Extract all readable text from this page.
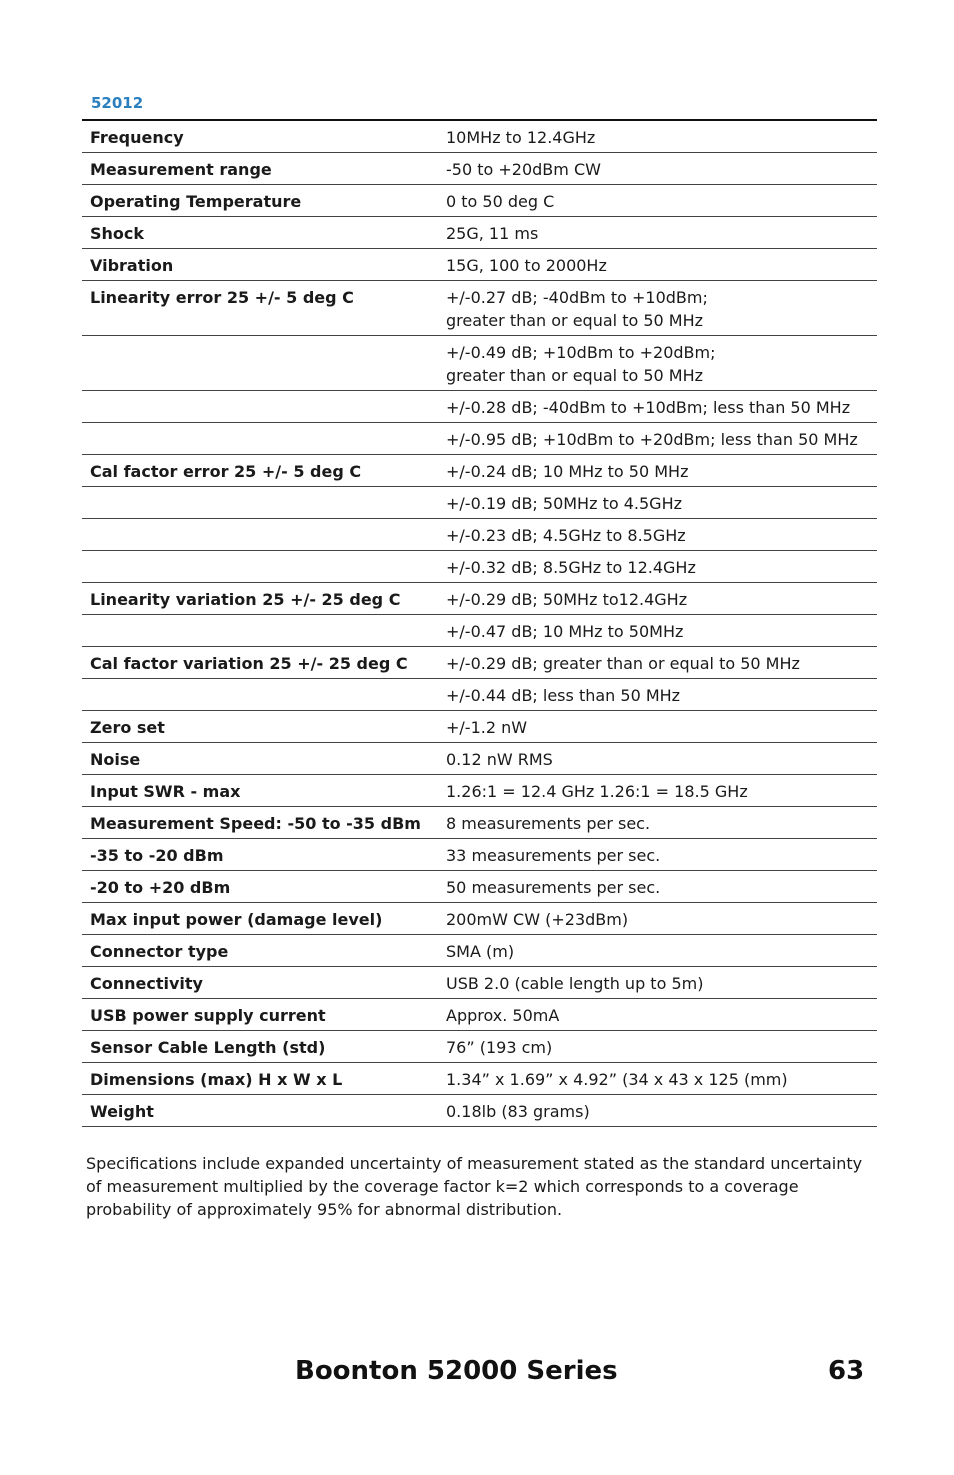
52012
Frequency	10MHz to 12.4GHz
Measurement range	-50 to +20dBm CW
Operating Temperature	0 to 50 deg C
Shock	25G, 11 ms
Vibration	15G, 100 to 2000Hz
Linearity error 25 +/- 5 deg C	+/-0.27 dB; -40dBm to +10dBm;
greater than or equal to 50 MHz
	+/-0.49 dB; +10dBm to +20dBm;
greater than or equal to 50 MHz
	+/-0.28 dB; -40dBm to +10dBm; less than 50 MHz
	+/-0.95 dB; +10dBm to +20dBm; less than 50 MHz
Cal factor error 25 +/- 5 deg C	+/-0.24 dB; 10 MHz to 50 MHz
	+/-0.19 dB; 50MHz to 4.5GHz
	+/-0.23 dB; 4.5GHz to 8.5GHz
	+/-0.32 dB; 8.5GHz to 12.4GHz
Linearity variation 25 +/- 25 deg C	+/-0.29 dB; 50MHz to12.4GHz
	+/-0.47 dB; 10 MHz to 50MHz
Cal factor variation 25 +/- 25 deg C	+/-0.29 dB; greater than or equal to 50 MHz
	+/-0.44 dB; less than 50 MHz
Zero set	+/-1.2 nW
Noise	0.12 nW RMS
Input SWR - max	1.26:1 = 12.4 GHz 1.26:1 = 18.5 GHz
Measurement Speed: -50 to -35 dBm	8 measurements per sec.
-35 to -20 dBm	33 measurements per sec.
-20 to +20 dBm	50 measurements per sec.
Max input power (damage level)	200mW CW (+23dBm)
Connector type	SMA (m)
Connectivity	USB 2.0 (cable length up to 5m)
USB power supply current	Approx. 50mA
Sensor Cable Length (std)	76” (193 cm)
Dimensions (max) H x W x L	1.34” x 1.69” x 4.92” (34 x 43 x 125 (mm)
Weight	0.18lb (83 grams)
Specifications include expanded uncertainty of measurement stated as the standard uncertainty of measurement multiplied by the coverage factor k=2 which corresponds to a coverage probability of approximately 95% for abnormal distribution.
Boonton 52000 Series	63
